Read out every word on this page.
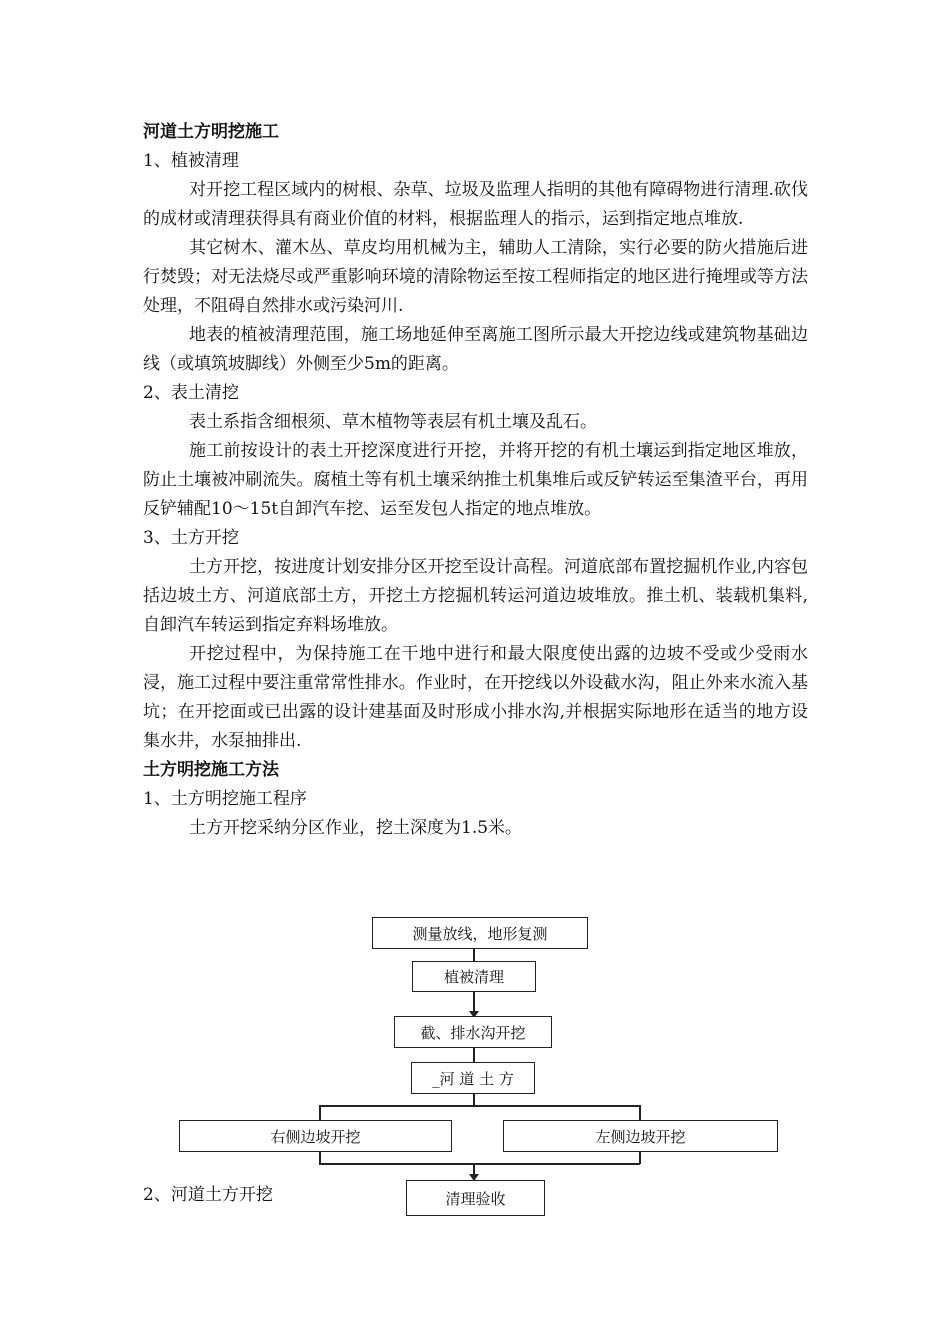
河道土方明挖施工

1、植被清理

对开挖工程区域内的树根、杂草、垃圾及监理人指明的其他有障碍物进行清理.砍伐的成材或清理获得具有商业价值的材料，根据监理人的指示，运到指定地点堆放.

其它树木、灌木丛、草皮均用机械为主，辅助人工清除，实行必要的防火措施后进行焚毁；对无法烧尽或严重影响环境的清除物运至按工程师指定的地区进行掩埋或等方法处理，不阻碍自然排水或污染河川.

地表的植被清理范围，施工场地延伸至离施工图所示最大开挖边线或建筑物基础边线（或填筑坡脚线）外侧至少5m的距离。

2、表土清挖

表土系指含细根须、草木植物等表层有机土壤及乱石。

施工前按设计的表土开挖深度进行开挖，并将开挖的有机土壤运到指定地区堆放，防止土壤被冲刷流失。腐植土等有机土壤采纳推土机集堆后或反铲转运至集渣平台，再用反铲辅配10～15t自卸汽车挖、运至发包人指定的地点堆放。

3、土方开挖

土方开挖，按进度计划安排分区开挖至设计高程。河道底部布置挖掘机作业,内容包括边坡土方、河道底部土方，开挖土方挖掘机转运河道边坡堆放。推土机、装载机集料,自卸汽车转运到指定弃料场堆放。

开挖过程中，为保持施工在干地中进行和最大限度使出露的边坡不受或少受雨水浸，施工过程中要注重常常性排水。作业时，在开挖线以外设截水沟，阻止外来水流入基坑；在开挖面或已出露的设计建基面及时形成小排水沟,并根据实际地形在适当的地方设集水井，水泵抽排出.

土方明挖施工方法

1、土方明挖施工程序

土方开挖采纳分区作业，挖土深度为1.5米。

测量放线，地形复测
植被清理
截、排水沟开挖
_河 道 土 方
右侧边坡开挖	左侧边坡开挖
清理验收

2、河道土方开挖
